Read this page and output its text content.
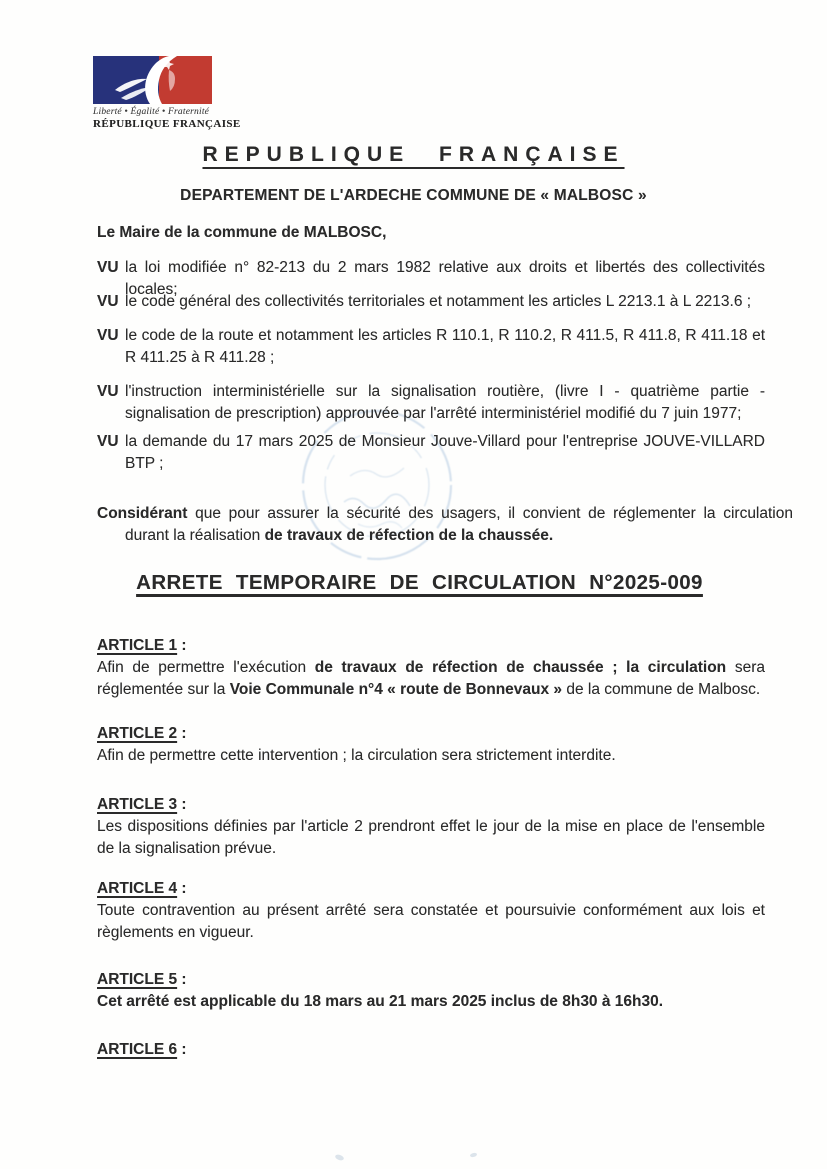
Liberté • Égalité • Fraternité
RÉPUBLIQUE FRANÇAISE
REPUBLIQUE FRANÇAISE
DEPARTEMENT DE L'ARDECHE COMMUNE DE « MALBOSC »
Le Maire de la commune de MALBOSC,
VU la loi modifiée n° 82-213 du 2 mars 1982 relative aux droits et libertés des collectivités locales;
VU le code général des collectivités territoriales et notamment les articles L 2213.1 à L 2213.6 ;
VU le code de la route et notamment les articles R 110.1, R 110.2, R 411.5, R 411.8, R 411.18 et R 411.25 à R 411.28 ;
VU l'instruction interministérielle sur la signalisation routière, (livre I - quatrième partie - signalisation de prescription) approuvée par l'arrêté interministériel modifié du 7 juin 1977;
VU la demande du 17 mars 2025 de Monsieur Jouve-Villard pour l'entreprise JOUVE-VILLARD BTP ;
Considérant que pour assurer la sécurité des usagers, il convient de réglementer la circulation durant la réalisation de travaux de réfection de la chaussée.
ARRETE TEMPORAIRE DE CIRCULATION N°2025-009
ARTICLE 1 :
Afin de permettre l'exécution de travaux de réfection de chaussée ; la circulation sera réglementée sur la Voie Communale n°4 « route de Bonnevaux » de la commune de Malbosc.
ARTICLE 2 :
Afin de permettre cette intervention ; la circulation sera strictement interdite.
ARTICLE 3 :
Les dispositions définies par l'article 2 prendront effet le jour de la mise en place de l'ensemble de la signalisation prévue.
ARTICLE 4 :
Toute contravention au présent arrêté sera constatée et poursuivie conformément aux lois et règlements en vigueur.
ARTICLE 5 :
Cet arrêté est applicable du 18 mars au 21 mars 2025 inclus de 8h30 à 16h30.
ARTICLE 6 :
